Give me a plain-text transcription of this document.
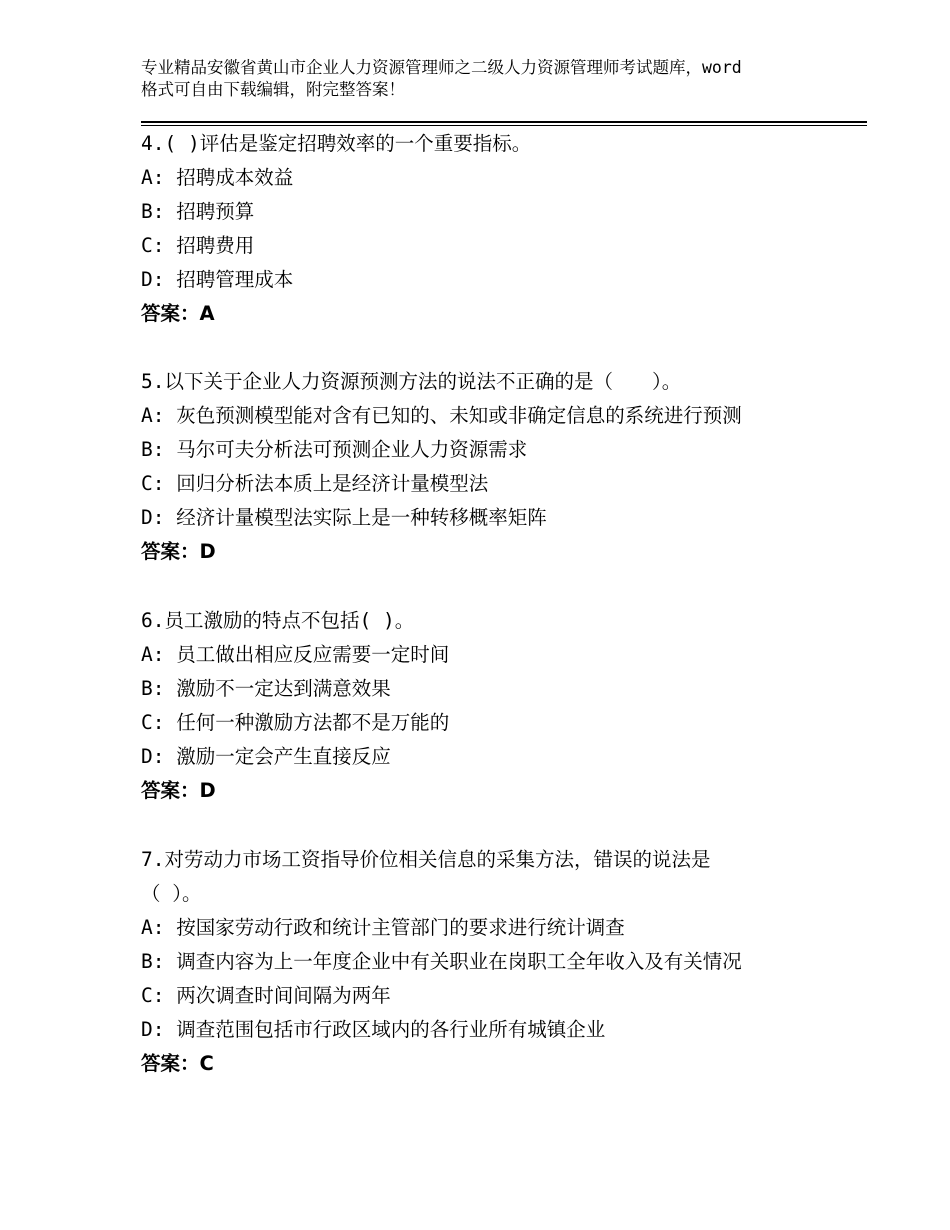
专业精品安徽省黄山市企业人力资源管理师之二级人力资源管理师考试题库，word
格式可自由下载编辑，附完整答案！
4.( )评估是鉴定招聘效率的一个重要指标。
A: 招聘成本效益
B: 招聘预算
C: 招聘费用
D: 招聘管理成本
答案：A
5.以下关于企业人力资源预测方法的说法不正确的是（　　）。
A: 灰色预测模型能对含有已知的、未知或非确定信息的系统进行预测
B: 马尔可夫分析法可预测企业人力资源需求
C: 回归分析法本质上是经济计量模型法
D: 经济计量模型法实际上是一种转移概率矩阵
答案：D
6.员工激励的特点不包括( )。
A: 员工做出相应反应需要一定时间
B: 激励不一定达到满意效果
C: 任何一种激励方法都不是万能的
D: 激励一定会产生直接反应
答案：D
7.对劳动力市场工资指导价位相关信息的采集方法，错误的说法是
（ ）。
A: 按国家劳动行政和统计主管部门的要求进行统计调查
B: 调查内容为上一年度企业中有关职业在岗职工全年收入及有关情况
C: 两次调查时间间隔为两年
D: 调查范围包括市行政区域内的各行业所有城镇企业
答案：C
